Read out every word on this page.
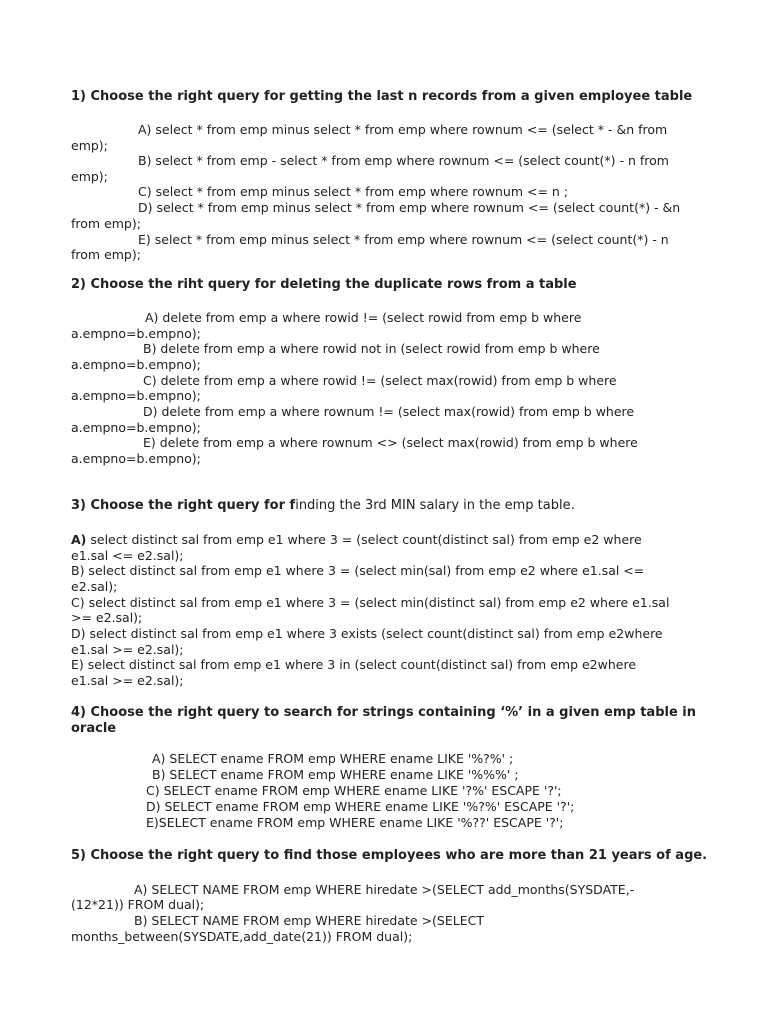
1) Choose the right query for getting the last n records from a given employee table
A) select * from emp minus select * from emp where rownum <= (select * - &n from
emp);
B) select * from emp - select * from emp where rownum <= (select count(*) - n from
emp);
C) select * from emp minus select * from emp where rownum <= n ;
D) select * from emp minus select * from emp where rownum <= (select count(*) - &n
from emp);
E) select * from emp minus select * from emp where rownum <= (select count(*) - n
from emp);
2) Choose the riht query for deleting the duplicate rows from a table
A) delete from emp a where rowid != (select rowid from emp b where
a.empno=b.empno);
B) delete from emp a where rowid not in (select rowid from emp b where
a.empno=b.empno);
C) delete from emp a where rowid != (select max(rowid) from emp b where
a.empno=b.empno);
D) delete from emp a where rownum != (select max(rowid) from emp b where
a.empno=b.empno);
E) delete from emp a where rownum <> (select max(rowid) from emp b where
a.empno=b.empno);
3) Choose the right query for finding the 3rd MIN salary in the emp table.
A) select distinct sal from emp e1 where 3 = (select count(distinct sal) from emp e2 where
e1.sal <= e2.sal);
B) select distinct sal from emp e1 where 3 = (select min(sal) from emp e2 where e1.sal <=
e2.sal);
C) select distinct sal from emp e1 where 3 = (select min(distinct sal) from emp e2 where e1.sal
>= e2.sal);
D) select distinct sal from emp e1 where 3 exists (select count(distinct sal) from emp e2where
e1.sal >= e2.sal);
E) select distinct sal from emp e1 where 3 in (select count(distinct sal) from emp e2where
e1.sal >= e2.sal);
4) Choose the right query to search for strings containing ‘%’ in a given emp table in
oracle
A) SELECT ename FROM emp WHERE ename LIKE '%?%' ;
B) SELECT ename FROM emp WHERE ename LIKE '%%%' ;
C) SELECT ename FROM emp WHERE ename LIKE '?%' ESCAPE '?';
D) SELECT ename FROM emp WHERE ename LIKE '%?%' ESCAPE '?';
E)SELECT ename FROM emp WHERE ename LIKE '%??' ESCAPE '?';
5) Choose the right query to find those employees who are more than 21 years of age.
A) SELECT NAME FROM emp WHERE hiredate >(SELECT add_months(SYSDATE,-
(12*21)) FROM dual);
B) SELECT NAME FROM emp WHERE hiredate >(SELECT
months_between(SYSDATE,add_date(21)) FROM dual);
